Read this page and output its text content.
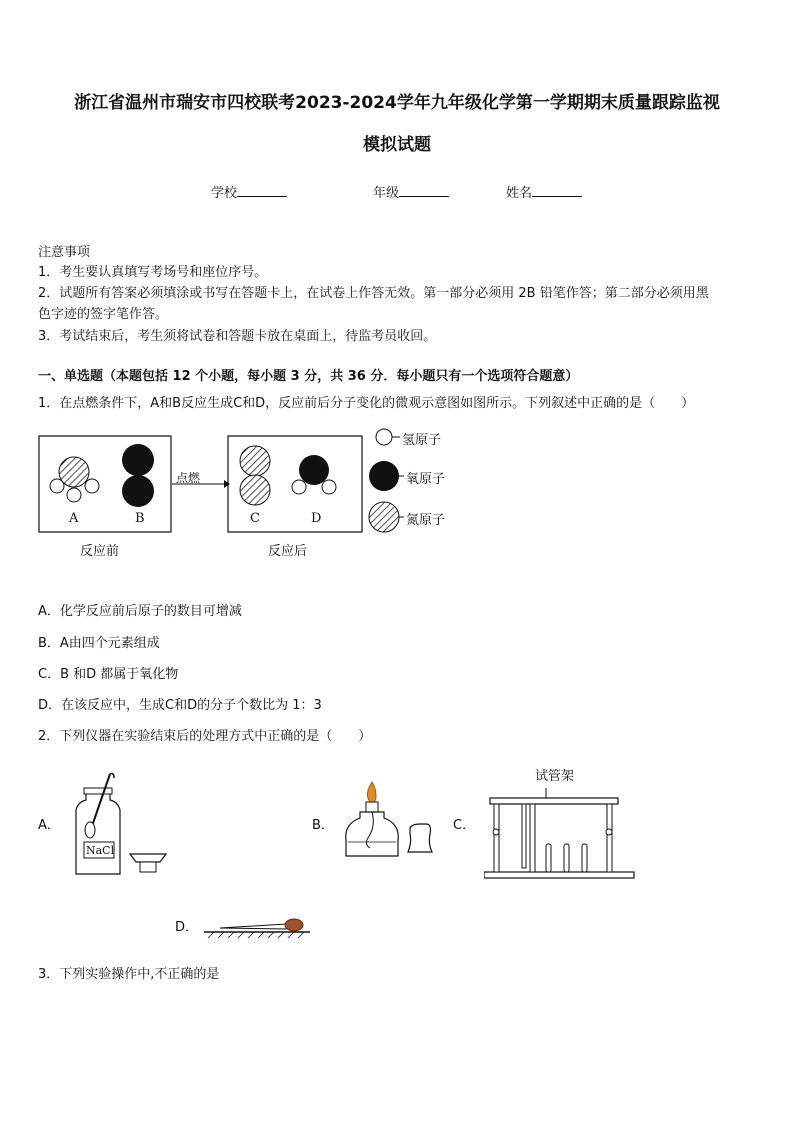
浙江省温州市瑞安市四校联考2023-2024学年九年级化学第一学期期末质量跟踪监视
模拟试题
学校	年级	姓名
注意事项
1．考生要认真填写考场号和座位序号。
2．试题所有答案必须填涂或书写在答题卡上，在试卷上作答无效。第一部分必须用 2B 铅笔作答；第二部分必须用黑
色字迹的签字笔作答。
3．考试结束后，考生须将试卷和答题卡放在桌面上，待监考员收回。
一、单选题（本题包括 12 个小题，每小题 3 分，共 36 分．每小题只有一个选项符合题意）
1．在点燃条件下，A和B反应生成C和D，反应前后分子变化的微观示意图如图所示。下列叙述中正确的是（　　）
A	B	C	D
点燃
反应前	反应后
氢原子
氧原子
氮原子
A．化学反应前后原子的数目可增减
B．A由四个元素组成
C．B 和D 都属于氧化物
D．在该反应中，生成C和D的分子个数比为 1：3
2．下列仪器在实验结束后的处理方式中正确的是（　　）
A．
NaCl
B．	C．
试管架
D．
3．下列实验操作中,不正确的是
